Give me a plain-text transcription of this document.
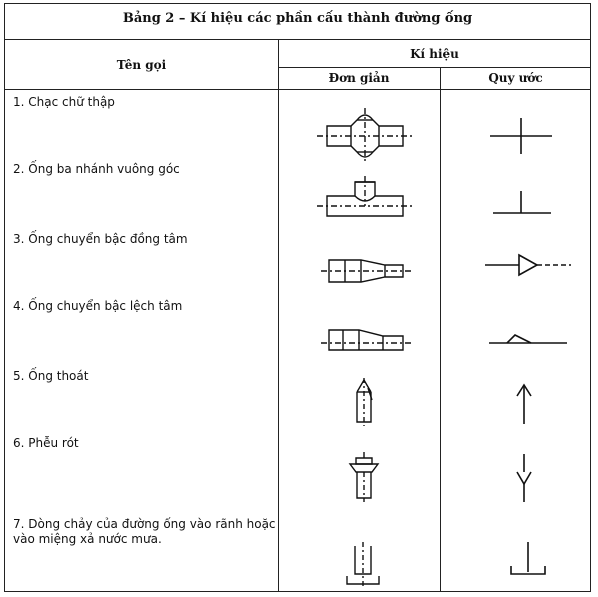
Bảng 2 – Kí hiệu các phần cấu thành đường ống
Tên gọi
Kí hiệu
Đơn giản	Quy ước
1. Chạc chữ thập
2. Ống ba nhánh vuông góc
3. Ống chuyển bậc đồng tâm
4. Ống chuyển bậc lệch tâm
5. Ống thoát
6. Phễu rót
7. Dòng chảy của đường ống vào rãnh hoặc vào miệng xả nước mưa.
